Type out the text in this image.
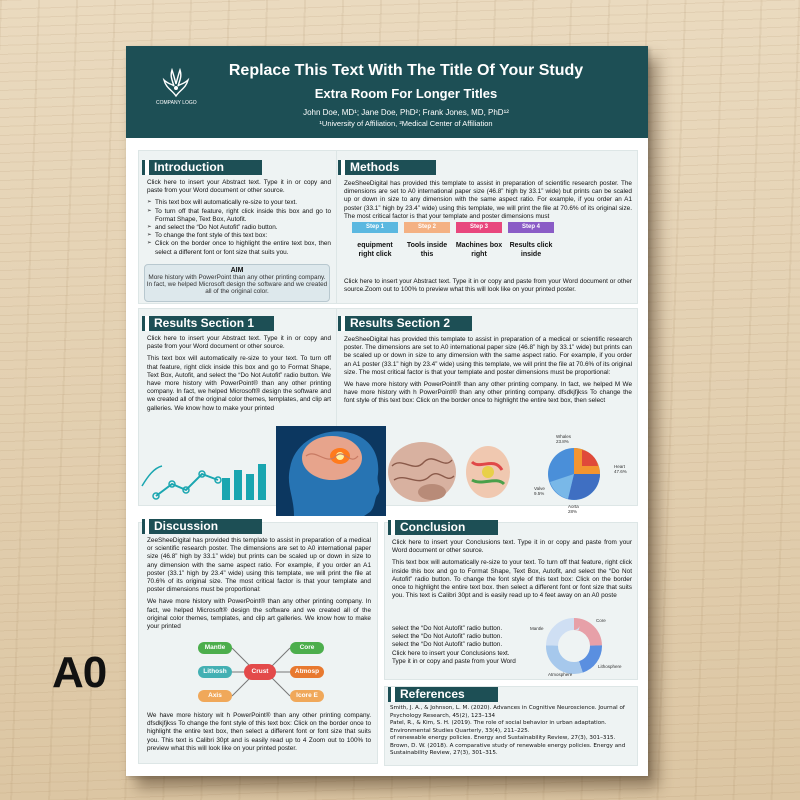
COMPANY LOGO
Replace This Text With The Title Of Your Study
Extra Room For Longer Titles
John Doe, MD¹; Jane Doe, PhD²; Frank Jones, MD, PhD¹²
¹University of Affiliation, ²Medical Center of Affiliation
Introduction

Click here to insert your Abstract text. Type it in or copy and paste from your Word document or other source.

➢ This text box will automatically re-size to your text.
➢ To turn off that feature, right click inside this box and go to Format Shape, Text Box, Autofit.
➢ and select the “Do Not Autofit” radio button.
➢ To change the font style of this text box:
➢ Click on the border once to highlight the entire text box, then select a different font or font size that suits you.
AIM
More history with PowerPoint than any other printing company. In fact, we helped Microsoft design the software and we created all of the original color.
Methods
ZeeSheeDigital has provided this template to assist in preparation of scientific research poster. The dimensions are set to A0 international paper size (46.8” high by 33.1” wide) but prints can be scaled up or down in size to any dimension with the same aspect ratio. For example, if you order an A1 poster (33.1” high by 23.4” wide) using this template, we will print the file at 70.6% of its original size. The most critical factor is that your template and poster dimensions must
Step 1	Step 2	Step 3	Step 4
equipment right click
Tools inside this
Machines box right
Results click inside
Click here to insert your Abstract text. Type it in or copy and paste from your Word document or other source.Zoom out to 100% to preview what this will look like on your printed poster.
Results Section 1

Click here to insert your Abstract text. Type it in or copy and paste from your Word document or other source.

This text box will automatically re-size to your text. To turn off that feature, right click inside this box and go to Format Shape, Text Box, Autofit, and select the “Do Not Autofit” radio button. We have more history with PowerPoint® than any other printing company. In fact, we helped Microsoft® design the software and we created all of the original color themes, templates, and clip art galleries. We know how to make your printed

Results Section 2

ZeeSheeDigital has provided this template to assist in preparation of a medical or scientific research poster. The dimensions are set to A0 international paper size (46.8” high by 33.1” wide) but prints can be scaled up or down in size to any dimension with the same aspect ratio. For example, if you order an A1 poster (33.1” high by 23.4” wide) using this template, we will print the file at 70.6% of its original size. The most critical factor is that your template and poster dimensions must be proportional:

We have more history with PowerPoint® than any other printing company. In fact, we helped M We have more history with h PowerPoint® than any other printing company. dfsdkjfjkss To change the font style of this text box: Click on the border once to highlight the entire text box, then select

Whales
23.8%
Heart
47.6%
Valve
9.5%
Aorta
28%
Discussion

ZeeSheeDigital has provided this template to assist in preparation of a medical or scientific research poster. The dimensions are set to A0 international paper size (46.8” high by 33.1” wide) but prints can be scaled up or down in size to any dimension with the same aspect ratio. For example, if you order an A1 poster (33.1” high by 23.4” wide) using this template, we will print the file at 70.6% of its original size. The most critical factor is that your template and poster dimensions must be proportional:

We have more history with PowerPoint® than any other printing company. In fact, we helped Microsoft® design the software and we created all of the original color themes, templates, and clip art galleries. We know how to make your printed

Mantle	Core
Lithosh	Atmosp
Axis	Icore E
Crust
We have more history wit h PowerPoint® than any other printing company. dfsdkjfjkss To change the font style of this text box: Click on the border once to highlight the entire text box, then select a different font or font size that suits you. This text is Calibri 30pt and is easily read up to 4 Zoom out to 100% to preview what this will look like on your printed poster.
Conclusion

Click here to insert your Conclusions text. Type it in or copy and paste from your Word document or other source.

This text box will automatically re-size to your text. To turn off that feature, right click inside this box and go to Format Shape, Text Box, Autofit, and select the “Do Not Autofit” radio button. To change the font style of this text box: Click on the border once to highlight the entire text box. then select a different font or font size that suits you. This text is Calibri 30pt and is easily read up to 4 feet away on an A0 poste

select the “Do Not Autofit” radio button.
select the “Do Not Autofit” radio button.
select the “Do Not Autofit” radio button.
Click here to insert your Conclusions text.
Type it in or copy and paste from your Word
Core
Mantle
Lithosphere
Atmosphere
References
Smith, J. A., & Johnson, L. M. (2020). Advances in Cognitive Neuroscience. Journal of Psychology Research, 45(2), 123–134
Patel, R., & Kim, S. H. (2019). The role of social behavior in urban adaptation. Environmental Studies Quarterly, 33(4), 211–225.
of renewable energy policies. Energy and Sustainability Review, 27(3), 301–315.
Brown, D. W. (2018). A comparative study of renewable energy policies. Energy and Sustainability Review, 27(3), 301–315.
A0
